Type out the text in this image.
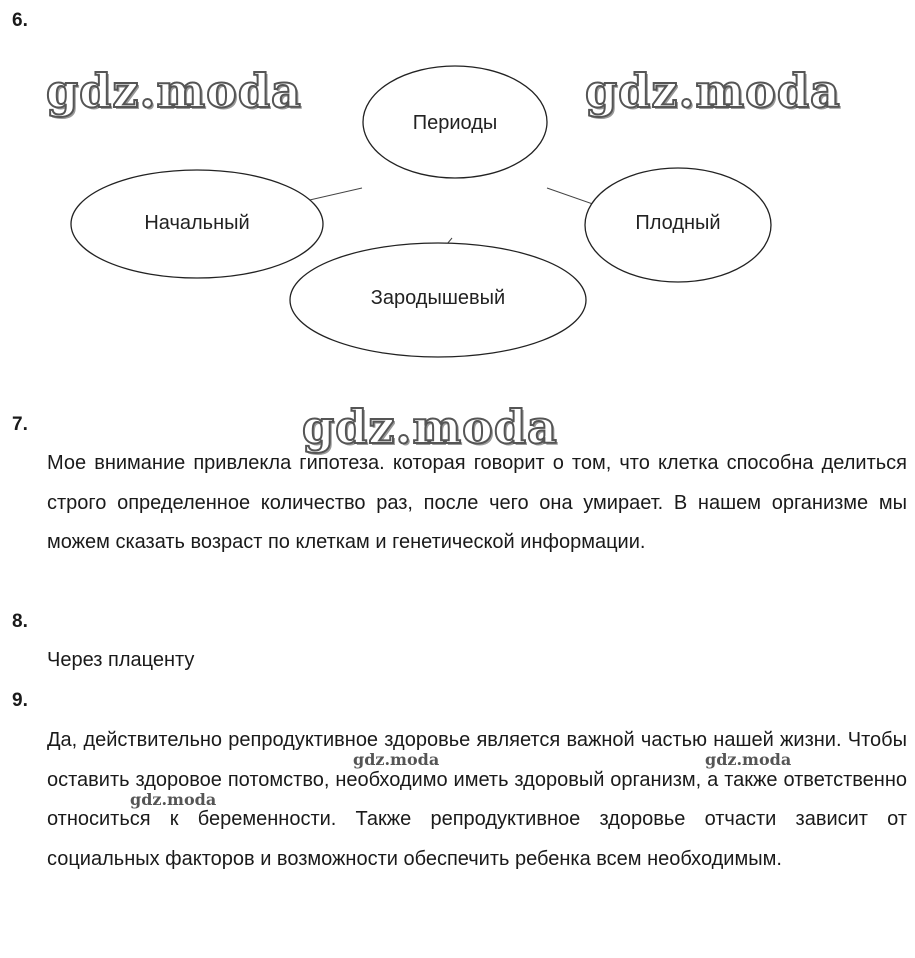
6.
Периоды
Начальный
Зародышевый
Плодный
gdz.moda	gdz.moda
7.

Мое внимание привлекла гипотеза. которая говорит о том, что клетка способна делиться строго определенное количество раз, после чего она умирает. В нашем организме мы можем сказать возраст по клеткам и генетической информации.

gdz.moda
8.

Через плаценту

9.

Да, действительно репродуктивное здоровье является важной частью нашей жизни. Чтобы оставить здоровое потомство, необходимо иметь здоровый организм, а также ответственно относиться к беременности. Также репродуктивное здоровье отчасти зависит от социальных факторов и возможности обеспечить ребенка всем необходимым.

gdz.moda	gdz.moda
gdz.moda
